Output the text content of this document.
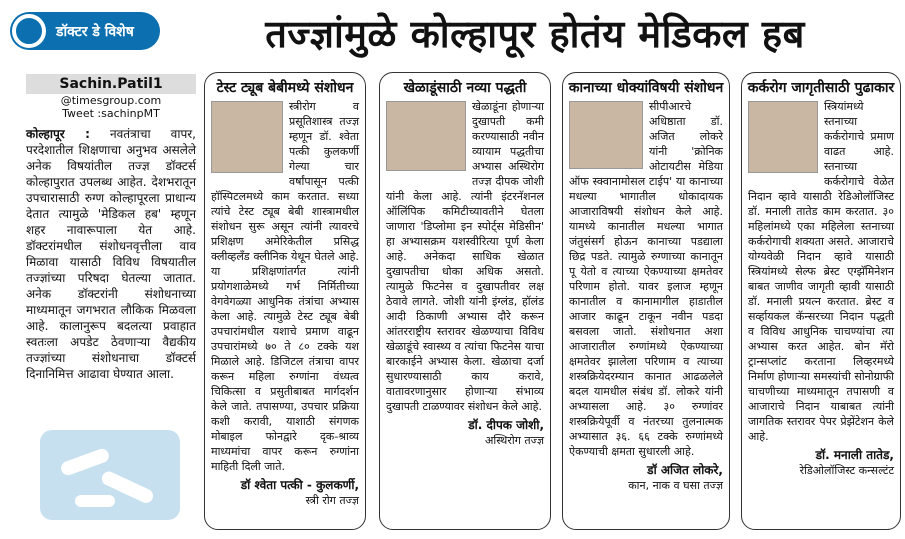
डॉक्टर डे विशेष	तज्ज्ञांमुळे कोल्हापूर होतंय मेडिकल हब
Sachin.Patil1
@timesgroup.com
Tweet :sachinpMT
कोल्हापूर : नवतंत्राचा वापर, परदेशातील शिक्षणाचा अनुभव असलेले अनेक विषयांतील तज्ज्ञ डॉक्टर्स कोल्हापुरात उपलब्ध आहेत. देशभरातून उपचारासाठी रुग्ण कोल्हापूरला प्राधान्य देतात त्यामुळे 'मेडिकल हब' म्हणून शहर नावारूपाला येत आहे. डॉक्टरांमधील संशोधनवृत्तीला वाव मिळावा यासाठी विविध विषयातील तज्ज्ञांच्या परिषदा घेतल्या जातात. अनेक डॉक्टरांनी संशोधनाच्या माध्यमातून जगभरात लौकिक मिळवला आहे. कालानुरूप बदलत्या प्रवाहात स्वतःला अपडेट ठेवणाऱ्या वैद्यकीय तज्ज्ञांच्या संशोधनाचा डॉक्टर्स दिनानिमित्त आढावा घेण्यात आला.
टेस्ट ट्यूब बेबीमध्ये संशोधन
स्त्रीरोग व प्रसूतिशास्त्र तज्ज्ञ म्हणून डॉ. श्वेता पत्की कुलकर्णी गेल्या चार वर्षांपासून पत्की हॉस्पिटलमध्ये काम करतात. सध्या त्यांचे टेस्ट ट्यूब बेबी शास्त्रामधील संशोधन सुरू असून त्यांनी त्यावरचे प्रशिक्षण अमेरिकेतील प्रसिद्ध क्लीव्हलँड क्लीनिक येथून घेतले आहे. या प्रशिक्षणांतर्गत त्यांनी प्रयोगशाळेमध्ये गर्भ निर्मितीच्या वेगवेगळ्या आधुनिक तंत्रांचा अभ्यास केला आहे. त्यामुळे टेस्ट ट्यूब बेबी उपचारांमधील यशाचे प्रमाण वाढून उपचारांमध्ये ७० ते ८० टक्के यश मिळाले आहे. डिजिटल तंत्राचा वापर करून महिला रुग्णांना वंध्यत्व चिकित्सा व प्रसुतीबाबत मार्गदर्शन केले जाते. तपासण्या, उपचार प्रक्रिया कशी करावी, याशाठी संगणक मोबाइल फोनद्वारे दृक-श्राव्य माध्यमांचा वापर करून रुग्णांना माहिती दिली जाते.
डॉ श्वेता पत्की - कुलकर्णी,
स्त्री रोग तज्ज्ञ
खेळाडूंसाठी नव्या पद्धती
खेळाडूंना होणाऱ्या दुखापती कमी करण्यासाठी नवीन व्यायाम पद्धतीचा अभ्यास अस्थिरोग तज्ज्ञ दीपक जोशी यांनी केला आहे. त्यांनी इंटरनॅशनल ऑलिंपिक कमिटीच्यावतीने घेतला जाणारा 'डिप्लोमा इन स्पोर्ट्स मेडिसीन' हा अभ्यासक्रम यशस्वीरित्या पूर्ण केला आहे. अनेकदा साधिक खेळात दुखापतीचा धोका अधिक असतो. त्यामुळे फिटनेस व दुखापतीवर लक्ष ठेवावे लागते. जोशी यांनी इंग्लंड, हॉलंड आदी ठिकाणी अभ्यास दौरे करून आंतरराष्ट्रीय स्तरावर खेळण्याचा विविध खेळाडूंचे स्वास्थ्य व त्यांचा फिटनेस याचा बारकाईने अभ्यास केला. खेळाचा दर्जा सुधारण्यासाठी काय करावे, वातावरणानुसार होणाऱ्या संभाव्य दुखापती टाळण्यावर संशोधन केले आहे.
डॉ. दीपक जोशी,
अस्थिरोग तज्ज्ञ
कानाच्या धोक्यांविषयी संशोधन
सीपीआरचे अधिष्ठाता डॉ. अजित लोकरे यांनी 'क्रोनिक ओटायटीस मेडिया ऑफ स्क्वानामोसल टाईप' या कानाच्या मधल्या भागातील धोकादायक आजाराविषयी संशोधन केले आहे. यामध्ये कानातील मधल्या भागात जंतुसंसर्ग होऊन कानाच्या पडद्याला छिद्र पडते. त्यामुळे रुग्णाच्या कानातून पू येतो व त्याच्या ऐकण्याच्या क्षमतेवर परिणाम होतो. यावर इलाज म्हणून कानातील व कानामागील हाडातील आजार काढून टाकून नवीन पडदा बसवला जातो. संशोधनात अशा आजारातील रुग्णांमध्ये ऐकण्याच्या क्षमतेवर झालेला परिणाम व त्याच्या शस्त्रक्रियेदरम्यान कानात आढळलेले बदल यामधील संबंध डॉ. लोकरे यांनी अभ्यासला आहे. ३० रुग्णांवर शस्त्रक्रियेपूर्वी व नंतरच्या तुलनात्मक अभ्यासात ३६. ६६ टक्के रुग्णांमध्ये ऐकण्याची क्षमता सुधारली आहे.
डॉ अजित लोकरे,
कान, नाक व घसा तज्ज्ञ
कर्करोग जागृतीसाठी पुढाकार
स्त्रियांमध्ये स्तनाच्या कर्करोगाचे प्रमाण वाढत आहे. स्तनाच्या कर्करोगाचे वेळेत निदान व्हावे यासाठी रेडिओलॉजिस्ट डॉ. मनाली तातेड काम करतात. ३० महिलांमध्ये एका महिलेला स्तनाच्या कर्करोगाची शक्यता असते. आजाराचे योग्यवेळी निदान व्हावे यासाठी स्त्रियांमध्ये सेल्फ ब्रेस्ट एग्झॅमिनेशन बाबत जाणीव जागृती व्हावी यासाठी डॉ. मनाली प्रयत्न करतात. ब्रेस्ट व सर्व्हायकल कॅन्सरच्या निदान पद्धती व विविध आधुनिक चाचण्यांचा त्या अभ्यास करत आहेत. बोन मॅरो ट्रान्सप्लांट करताना लिव्हरमध्ये निर्माण होणाऱ्या समस्यांची सोनोग्राफी चाचणीच्या माध्यमातून तपासणी व आजाराचे निदान याबाबत त्यांनी जागतिक स्तरावर पेपर प्रेझेंटेशन केले आहे.
डॉ. मनाली तातेड,
रेडिओलॉजिस्ट कन्सल्टंट
